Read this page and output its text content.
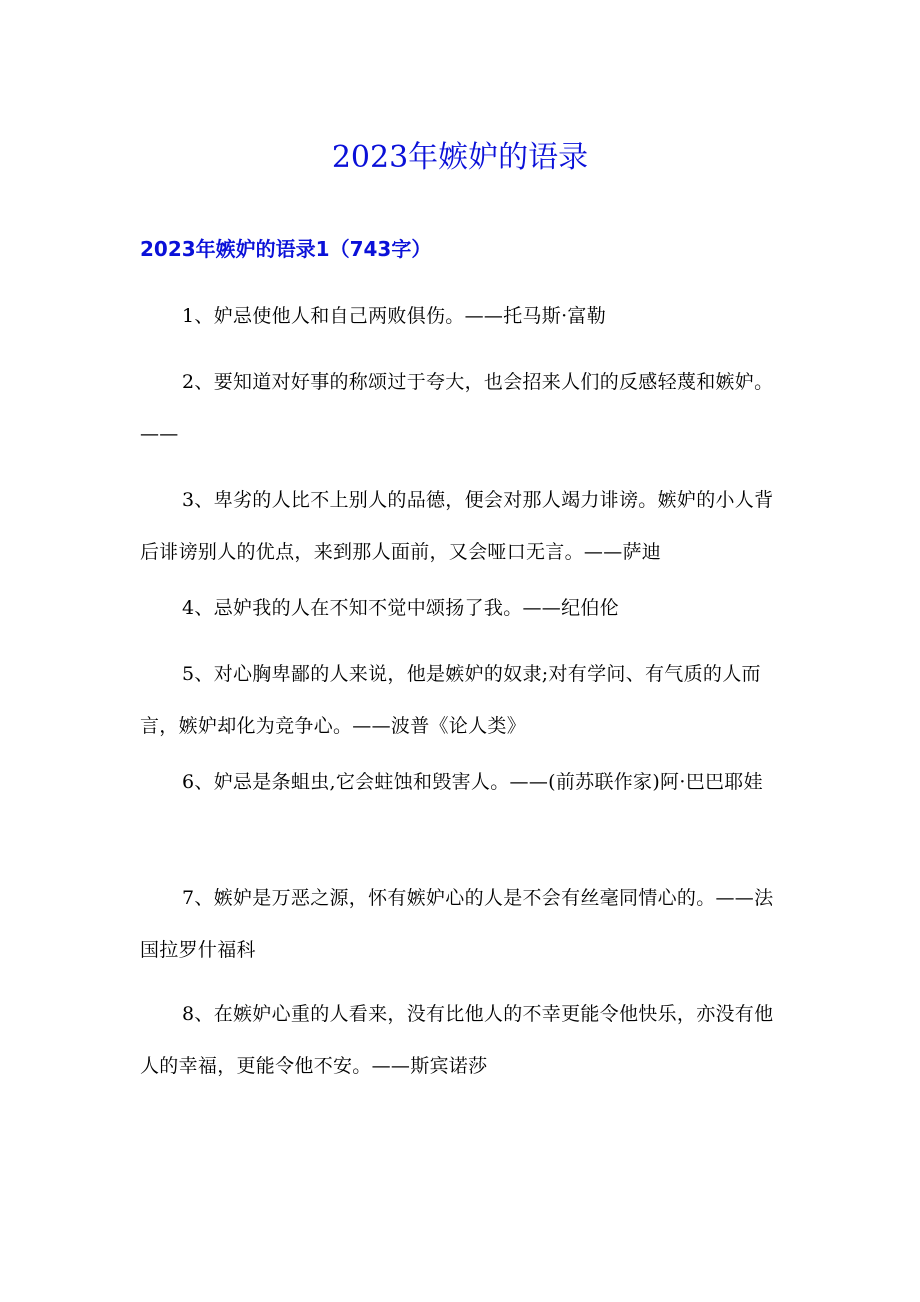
2023年嫉妒的语录
2023年嫉妒的语录1（743字）

1、妒忌使他人和自己两败俱伤。——托马斯·富勒

2、要知道对好事的称颂过于夸大，也会招来人们的反感轻蔑和嫉妒。——

3、卑劣的人比不上别人的品德，便会对那人竭力诽谤。嫉妒的小人背后诽谤别人的优点，来到那人面前，又会哑口无言。——萨迪

4、忌妒我的人在不知不觉中颂扬了我。——纪伯伦

5、对心胸卑鄙的人来说，他是嫉妒的奴隶;对有学问、有气质的人而言，嫉妒却化为竞争心。——波普《论人类》

6、妒忌是条蛆虫,它会蛀蚀和毁害人。——(前苏联作家)阿·巴巴耶娃

7、嫉妒是万恶之源，怀有嫉妒心的人是不会有丝毫同情心的。——法国拉罗什福科

8、在嫉妒心重的人看来，没有比他人的不幸更能令他快乐，亦没有他人的幸福，更能令他不安。——斯宾诺莎
